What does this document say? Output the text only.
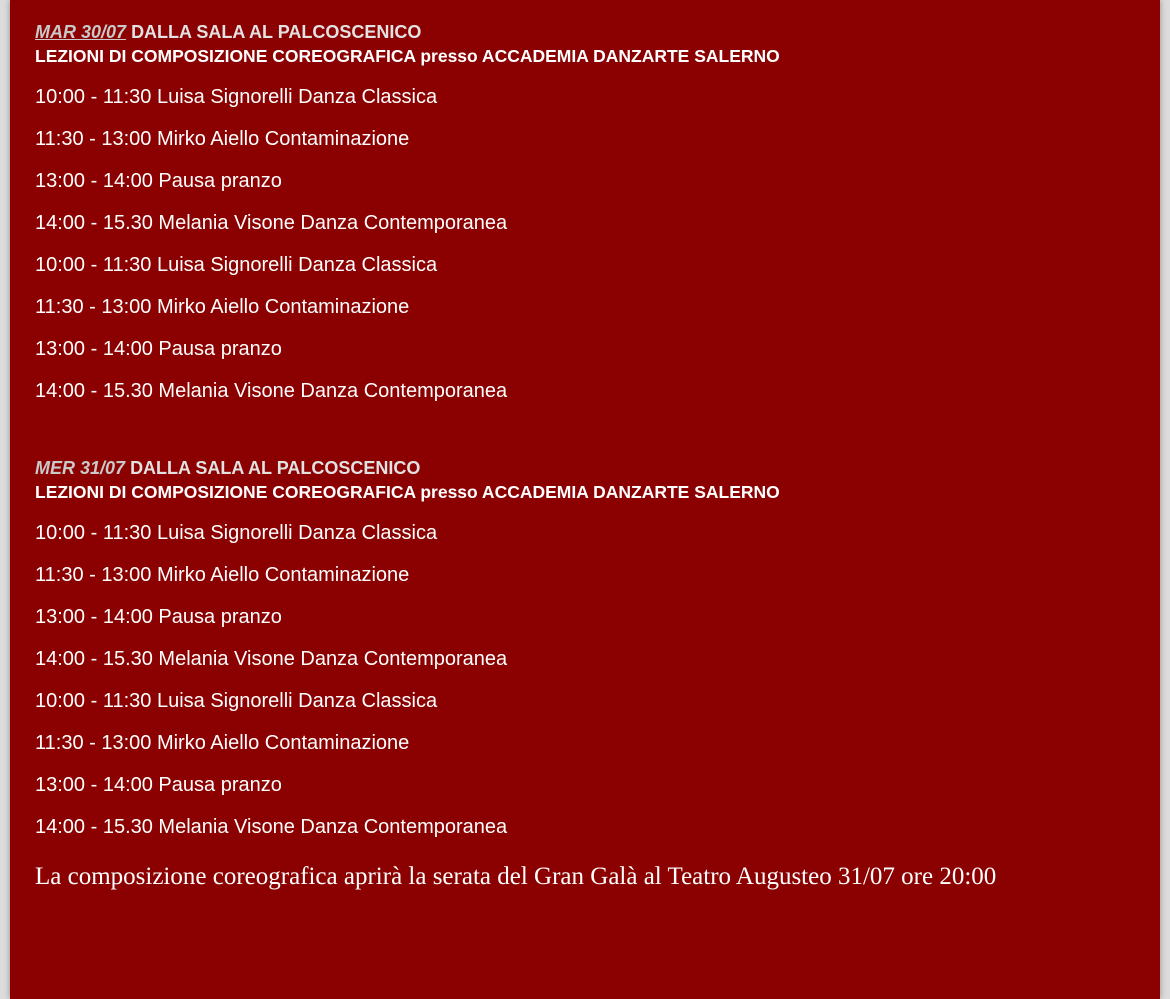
MAR 30/07 DALLA SALA AL PALCOSCENICO
LEZIONI DI COMPOSIZIONE COREOGRAFICA presso ACCADEMIA DANZARTE SALERNO
10:00 - 11:30 Luisa Signorelli Danza Classica
11:30 - 13:00 Mirko Aiello Contaminazione
13:00 - 14:00 Pausa pranzo
14:00 - 15.30 Melania Visone Danza Contemporanea
10:00 - 11:30 Luisa Signorelli Danza Classica
11:30 - 13:00 Mirko Aiello Contaminazione
13:00 - 14:00 Pausa pranzo
14:00 - 15.30 Melania Visone Danza Contemporanea
MER 31/07 DALLA SALA AL PALCOSCENICO
LEZIONI DI COMPOSIZIONE COREOGRAFICA presso ACCADEMIA DANZARTE SALERNO
10:00 - 11:30 Luisa Signorelli Danza Classica
11:30 - 13:00 Mirko Aiello Contaminazione
13:00 - 14:00 Pausa pranzo
14:00 - 15.30 Melania Visone Danza Contemporanea
10:00 - 11:30 Luisa Signorelli Danza Classica
11:30 - 13:00 Mirko Aiello Contaminazione
13:00 - 14:00 Pausa pranzo
14:00 - 15.30 Melania Visone Danza Contemporanea
La composizione coreografica aprirà la serata del Gran Galà al Teatro Augusteo 31/07 ore 20:00
